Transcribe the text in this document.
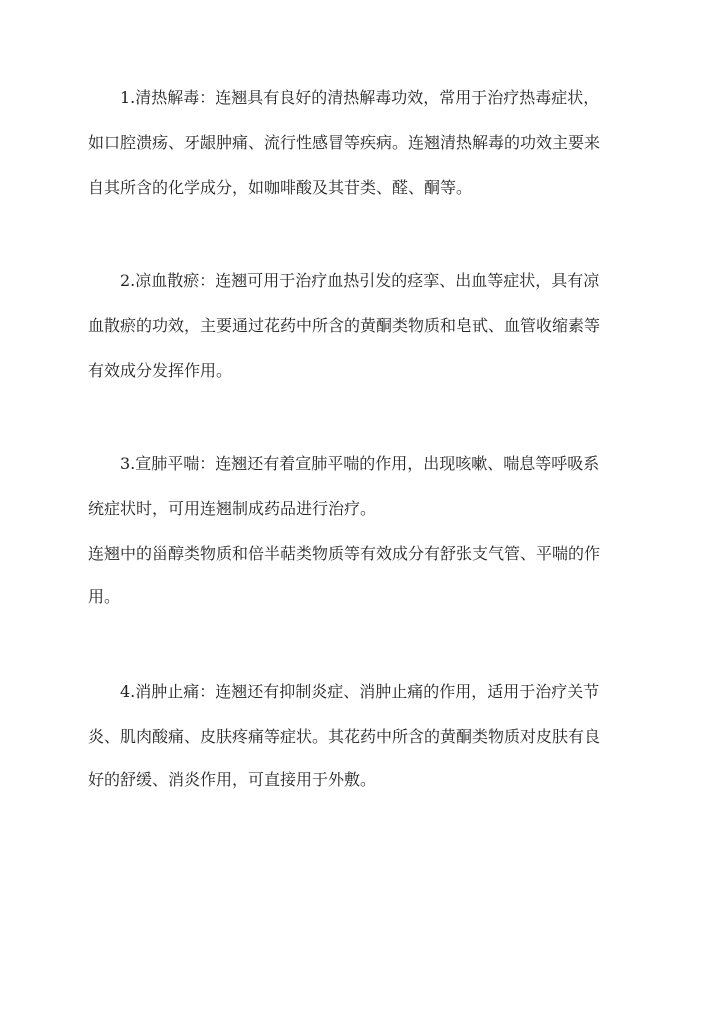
1.清热解毒：连翘具有良好的清热解毒功效，常用于治疗热毒症状，
如口腔溃疡、牙龈肿痛、流行性感冒等疾病。连翘清热解毒的功效主要来
自其所含的化学成分，如咖啡酸及其苷类、醛、酮等。
2.凉血散瘀：连翘可用于治疗血热引发的痉挛、出血等症状，具有凉
血散瘀的功效，主要通过花药中所含的黄酮类物质和皂甙、血管收缩素等
有效成分发挥作用。
3.宣肺平喘：连翘还有着宣肺平喘的作用，出现咳嗽、喘息等呼吸系
统症状时，可用连翘制成药品进行治疗。
连翘中的甾醇类物质和倍半萜类物质等有效成分有舒张支气管、平喘的作
用。
4.消肿止痛：连翘还有抑制炎症、消肿止痛的作用，适用于治疗关节
炎、肌肉酸痛、皮肤疼痛等症状。其花药中所含的黄酮类物质对皮肤有良
好的舒缓、消炎作用，可直接用于外敷。
